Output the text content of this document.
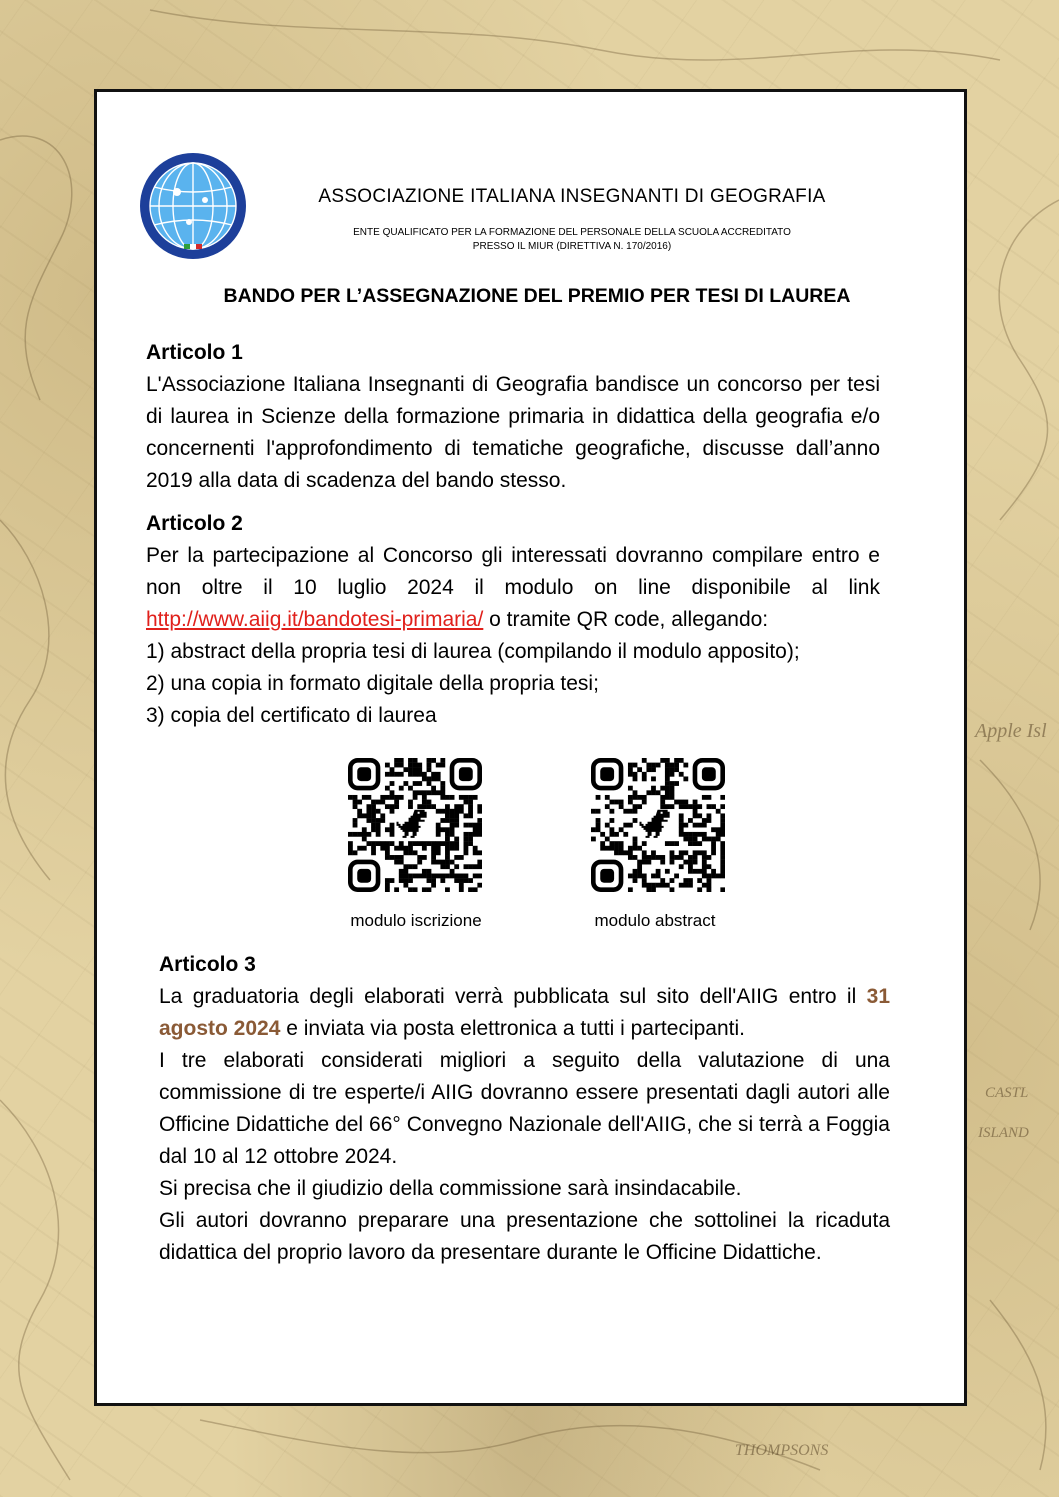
Apple Isl
CASTL
ISLAND
THOMPSONS
ASSOCIAZIONE ITALIANA INSEGNANTI DI GEOGRAFIA
ENTE QUALIFICATO PER LA FORMAZIONE DEL PERSONALE DELLA SCUOLA ACCREDITATO
PRESSO IL MIUR (DIRETTIVA N. 170/2016)
BANDO PER L’ASSEGNAZIONE DEL PREMIO PER TESI DI LAUREA
Articolo 1

L'Associazione Italiana Insegnanti di Geografia bandisce un concorso per tesi di laurea in Scienze della formazione primaria in didattica della geografia e/o concernenti l'approfondimento di tematiche geografiche, discusse dall’anno 2019 alla data di scadenza del bando stesso.

Articolo 2

Per la partecipazione al Concorso gli interessati dovranno compilare entro e non oltre il 10 luglio 2024 il modulo on line disponibile al link http://www.aiig.it/bandotesi-primaria/ o tramite QR code, allegando:

1) abstract della propria tesi di laurea (compilando il modulo apposito);

2) una copia in formato digitale della propria tesi;

3) copia del certificato di laurea

modulo iscrizione	modulo abstract
Articolo 3

La graduatoria degli elaborati verrà pubblicata sul sito dell'AIIG entro il 31 agosto 2024 e inviata via posta elettronica a tutti i partecipanti.

I tre elaborati considerati migliori a seguito della valutazione di una commissione di tre esperte/i AIIG dovranno essere presentati dagli autori alle Officine Didattiche del 66° Convegno Nazionale dell'AIIG, che si terrà a Foggia dal 10 al 12 ottobre 2024.

Si precisa che il giudizio della commissione sarà insindacabile.

Gli autori dovranno preparare una presentazione che sottolinei la ricaduta didattica del proprio lavoro da presentare durante le Officine Didattiche.
